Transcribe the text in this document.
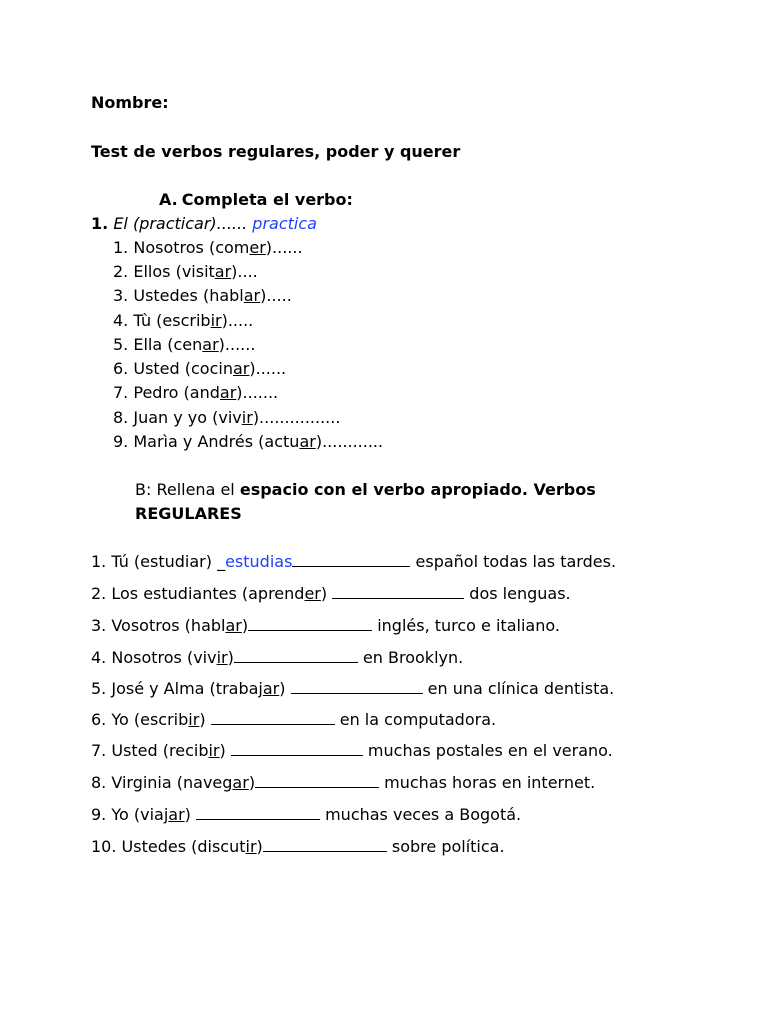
Nombre:
Test de verbos regulares, poder y querer
A. Completa el verbo:
1. El (practicar)...... practica
1. Nosotros (comer)......
2. Ellos (visitar)....
3. Ustedes (hablar).....
4. Tù (escribir).....
5. Ella (cenar)......
6. Usted (cocinar)......
7. Pedro (andar).......
8. Juan y yo (vivir)................
9. Marìa y Andrés (actuar)............
B: Rellena el espacio con el verbo apropiado. Verbos
REGULARES
1. Tú (estudiar) _estudias	español todas las tardes.
2. Los estudiantes (aprender)	dos lenguas.
3. Vosotros (hablar)	inglés, turco e italiano.
4. Nosotros (vivir)	en Brooklyn.
5. José y Alma (trabajar)	en una clínica dentista.
6. Yo (escribir)	en la computadora.
7. Usted (recibir)	muchas postales en el verano.
8. Virginia (navegar)	muchas horas en internet.
9. Yo (viajar)	muchas veces a Bogotá.
10. Ustedes (discutir)	sobre política.
